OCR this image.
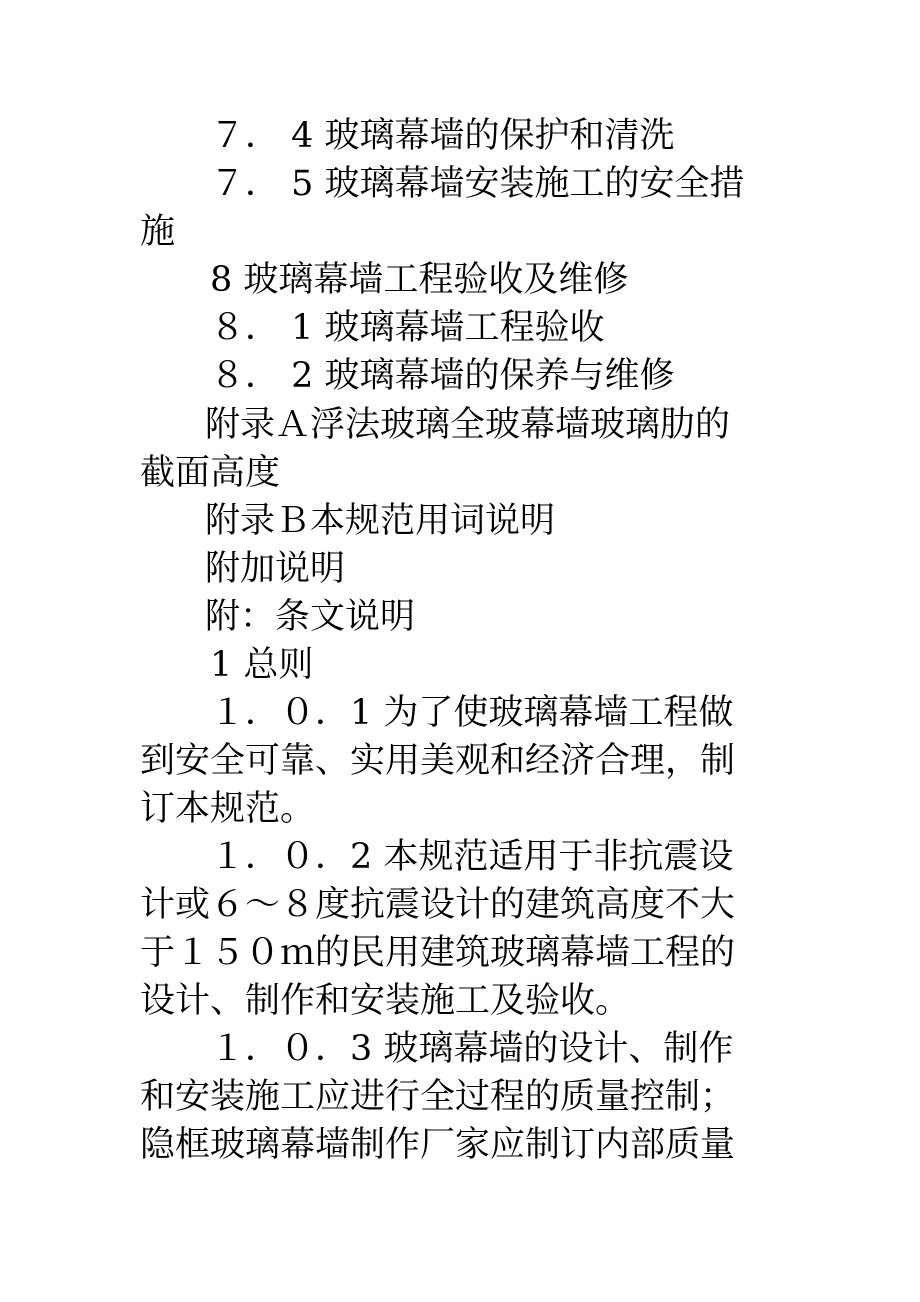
７． 4 玻璃幕墙的保护和清洗
７． 5 玻璃幕墙安装施工的安全措
施
8 玻璃幕墙工程验收及维修
８． 1 玻璃幕墙工程验收
８． 2 玻璃幕墙的保养与维修
附录Ａ浮法玻璃全玻幕墙玻璃肋的
截面高度
附录Ｂ本规范用词说明
附加说明
附：条文说明
1 总则
１．０．1 为了使玻璃幕墙工程做
到安全可靠、实用美观和经济合理，制
订本规范。
１．０．2 本规范适用于非抗震设
计或６～８度抗震设计的建筑高度不大
于１５０ｍ的民用建筑玻璃幕墙工程的
设计、制作和安装施工及验收。
１．０．3 玻璃幕墙的设计、制作
和安装施工应进行全过程的质量控制；
隐框玻璃幕墙制作厂家应制订内部质量
